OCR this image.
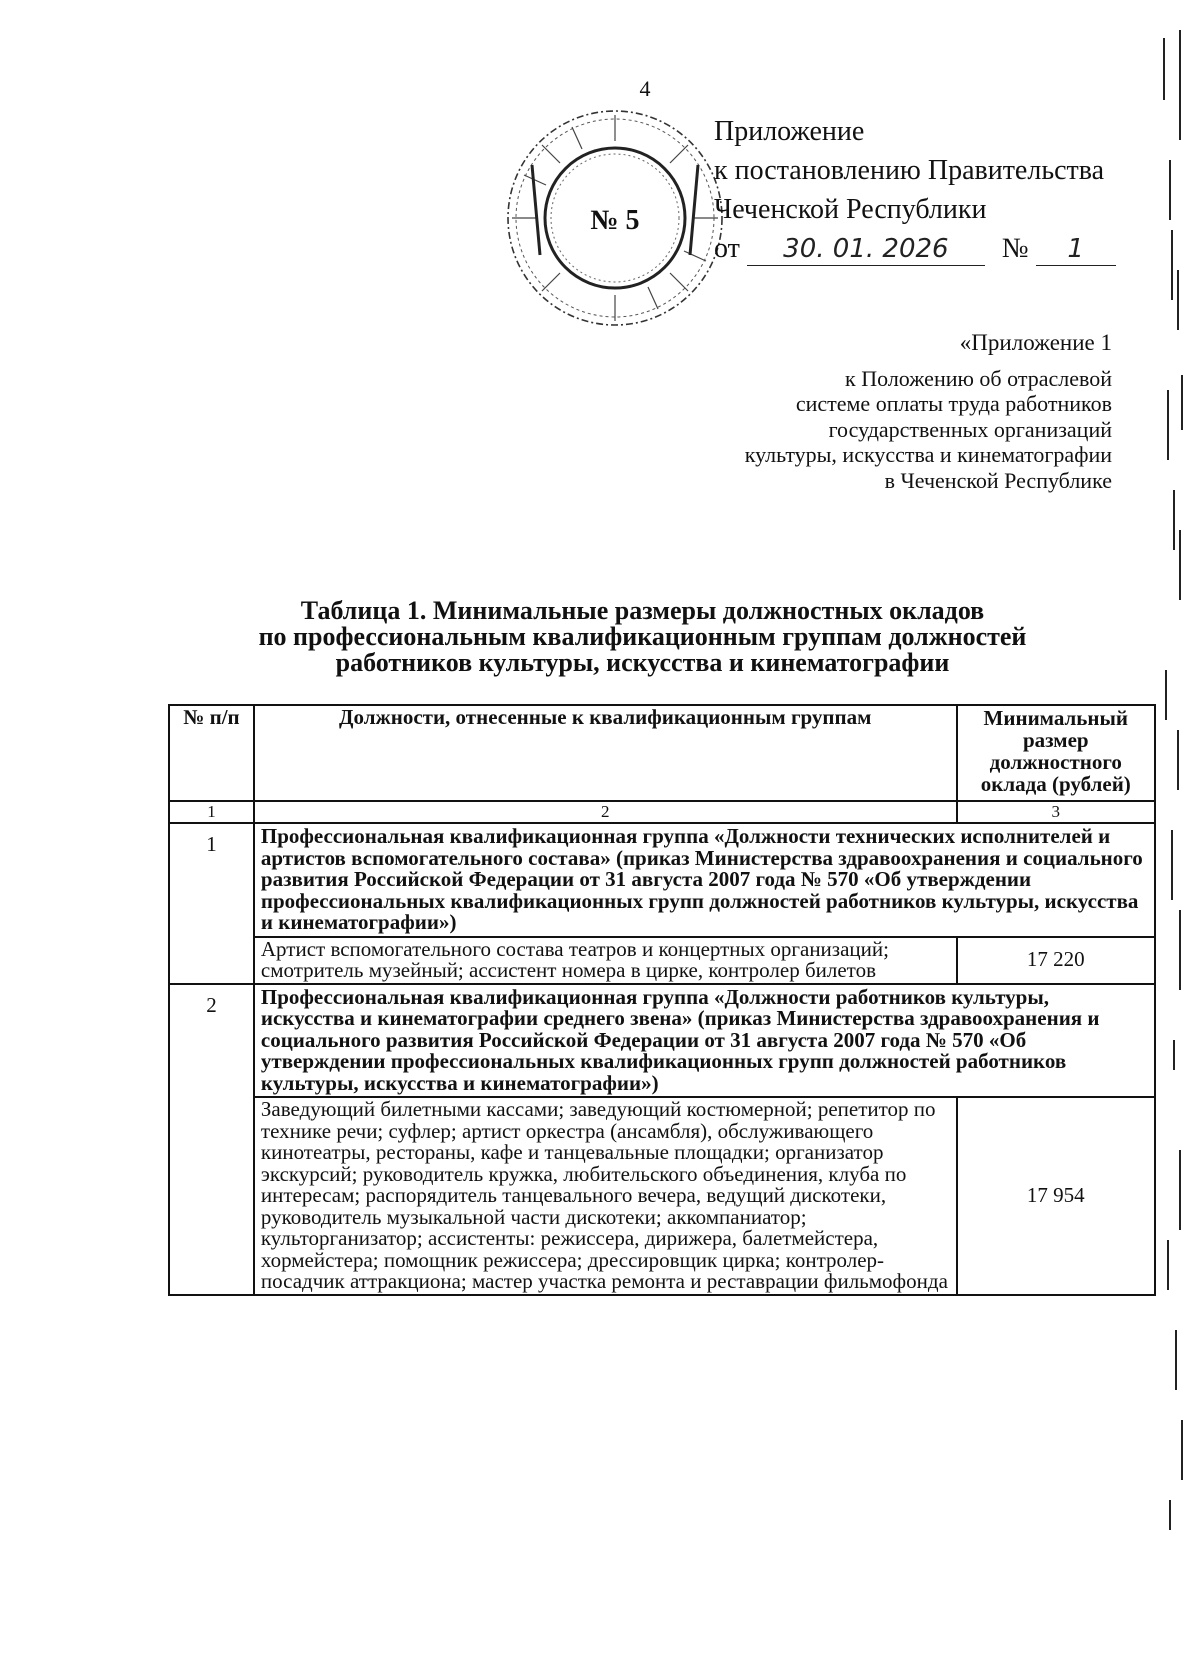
4
№ 5
Приложение
к постановлению Правительства
Чеченской Республики
от 30. 01. 2026 № 1
«Приложение 1
к Положению об отраслевой
системе оплаты труда работников
государственных организаций
культуры, искусства и кинематографии
в Чеченской Республике
Таблица 1. Минимальные размеры должностных окладов
по профессиональным квалификационным группам должностей
работников культуры, искусства и кинематографии
№ п/п	Должности, отнесенные к квалификационным группам	Минимальный размер должностного оклада (рублей)
1	2	3
1	Профессиональная квалификационная группа «Должности технических исполнителей и артистов вспомогательного состава» (приказ Министерства здравоохранения и социального развития Российской Федерации от 31 августа 2007 года № 570 «Об утверждении профессиональных квалификационных групп должностей работников культуры, искусства и кинематографии»)	
	Артист вспомогательного состава театров и концертных организаций; смотритель музейный; ассистент номера в цирке, контролер билетов	17 220
2	Профессиональная квалификационная группа «Должности работников культуры, искусства и кинематографии среднего звена» (приказ Министерства здравоохранения и социального развития Российской Федерации от 31 августа 2007 года № 570 «Об утверждении профессиональных квалификационных групп должностей работников культуры, искусства и кинематографии»)	
	Заведующий билетными кассами; заведующий костюмерной; репетитор по технике речи; суфлер; артист оркестра (ансамбля), обслуживающего кинотеатры, рестораны, кафе и танцевальные площадки; организатор экскурсий; руководитель кружка, любительского объединения, клуба по интересам; распорядитель танцевального вечера, ведущий дискотеки, руководитель музыкальной части дискотеки; аккомпаниатор; культорганизатор; ассистенты: режиссера, дирижера, балетмейстера, хормейстера; помощник режиссера; дрессировщик цирка; контролер-посадчик аттракциона; мастер участка ремонта и реставрации фильмофонда	17 954
